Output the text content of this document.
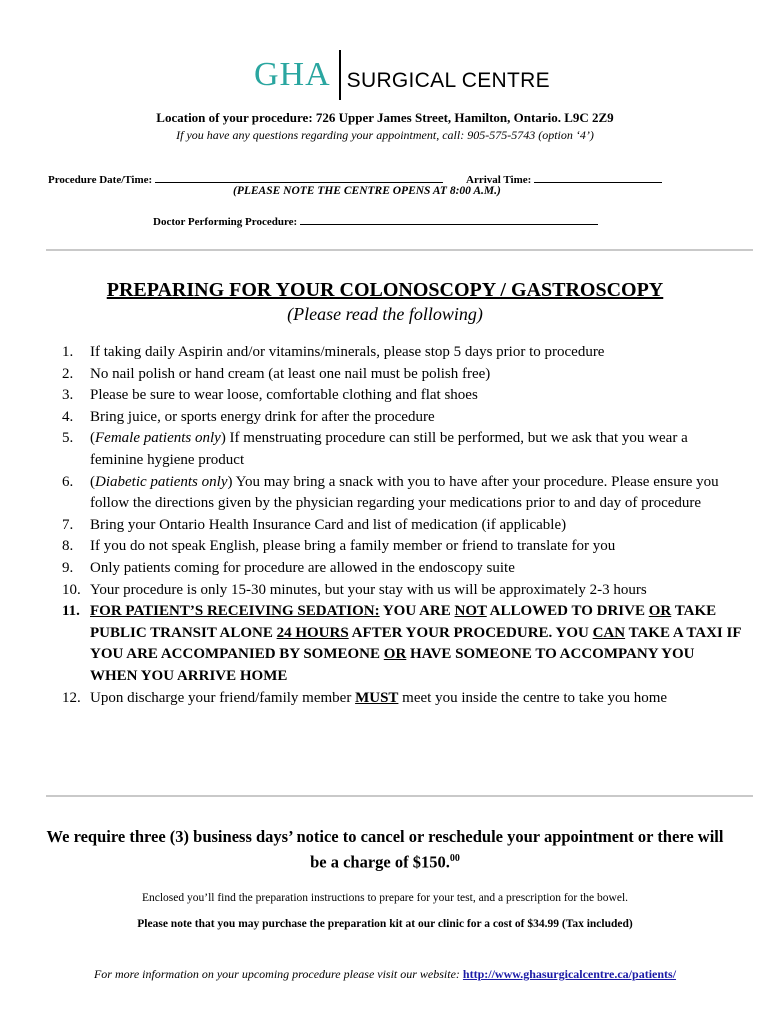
GHA SURGICAL CENTRE
Location of your procedure: 726 Upper James Street, Hamilton, Ontario. L9C 2Z9
If you have any questions regarding your appointment, call: 905-575-5743 (option ‘4’)
Procedure Date/Time:	Arrival Time:
(PLEASE NOTE THE CENTRE OPENS AT 8:00 A.M.)
Doctor Performing Procedure:
PREPARING FOR YOUR COLONOSCOPY / GASTROSCOPY
(Please read the following)
1. If taking daily Aspirin and/or vitamins/minerals, please stop 5 days prior to procedure
2. No nail polish or hand cream (at least one nail must be polish free)
3. Please be sure to wear loose, comfortable clothing and flat shoes
4. Bring juice, or sports energy drink for after the procedure
5. (Female patients only) If menstruating procedure can still be performed, but we ask that you wear a feminine hygiene product
6. (Diabetic patients only) You may bring a snack with you to have after your procedure. Please ensure you follow the directions given by the physician regarding your medications prior to and day of procedure
7. Bring your Ontario Health Insurance Card and list of medication (if applicable)
8. If you do not speak English, please bring a family member or friend to translate for you
9. Only patients coming for procedure are allowed in the endoscopy suite
10. Your procedure is only 15-30 minutes, but your stay with us will be approximately 2-3 hours
11. FOR PATIENT’S RECEIVING SEDATION: YOU ARE NOT ALLOWED TO DRIVE OR TAKE PUBLIC TRANSIT ALONE 24 HOURS AFTER YOUR PROCEDURE. YOU CAN TAKE A TAXI IF YOU ARE ACCOMPANIED BY SOMEONE OR HAVE SOMEONE TO ACCOMPANY YOU WHEN YOU ARRIVE HOME
12. Upon discharge your friend/family member MUST meet you inside the centre to take you home
We require three (3) business days’ notice to cancel or reschedule your appointment or there will be a charge of $150.00
Enclosed you’ll find the preparation instructions to prepare for your test, and a prescription for the bowel.
Please note that you may purchase the preparation kit at our clinic for a cost of $34.99 (Tax included)
For more information on your upcoming procedure please visit our website: http://www.ghasurgicalcentre.ca/patients/
